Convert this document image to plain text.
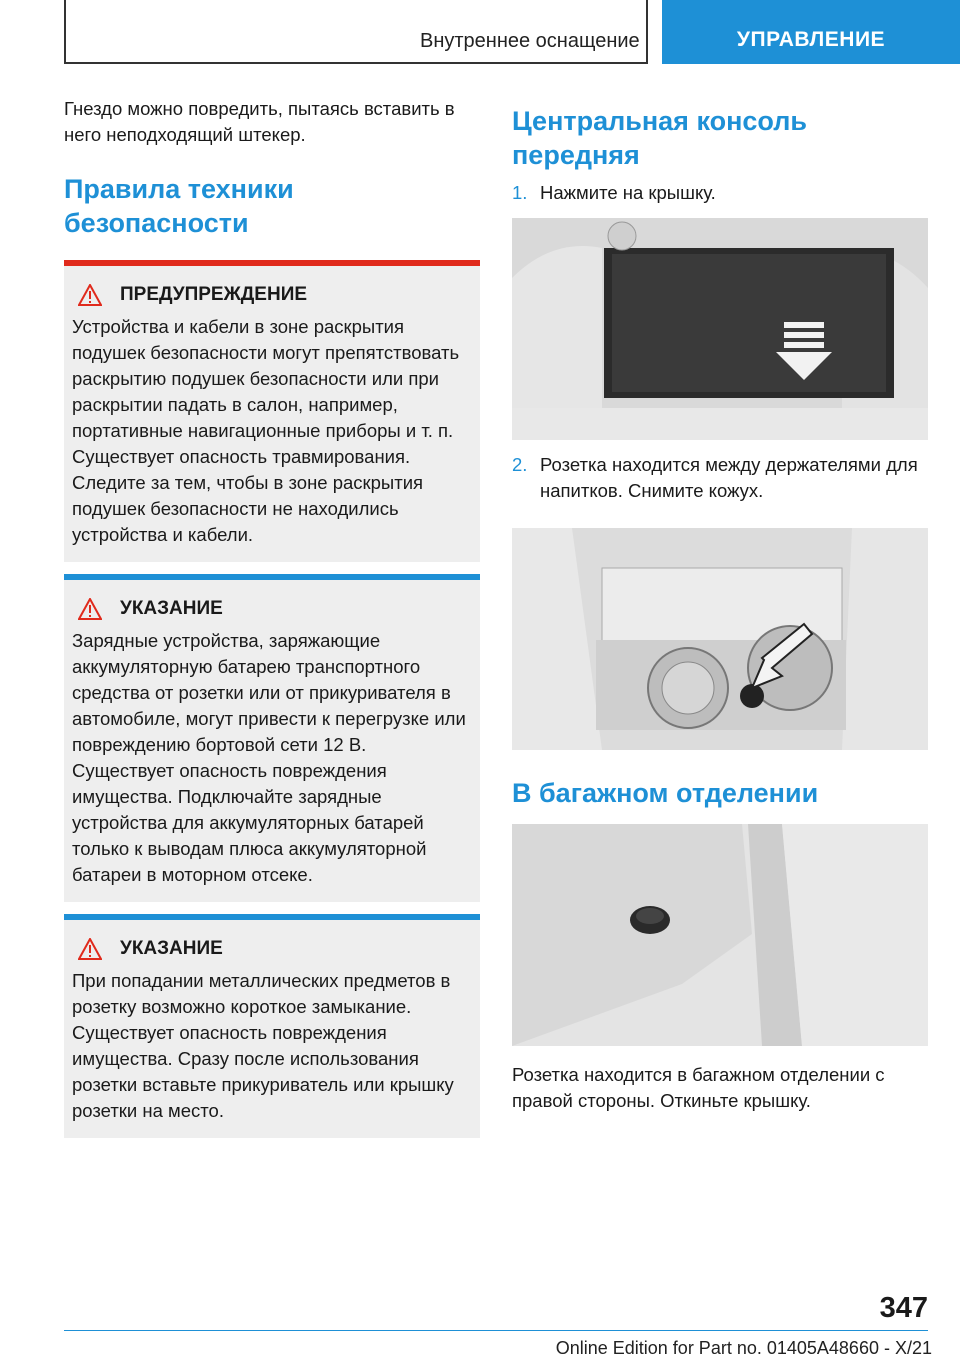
Внутреннее оснащение	УПРАВЛЕНИЕ

Гнездо можно повредить, пытаясь вставить в него неподходящий штекер.

Правила техники безопасности
ПРЕДУПРЕЖДЕНИЕ

Устройства и кабели в зоне раскрытия подушек безопасности могут препятствовать раскрытию подушек безопасности или при раскрытии падать в салон, например, портативные навигационные приборы и т. п. Существует опасность травмирования. Следите за тем, чтобы в зоне раскрытия подушек безопасности не находились устройства и кабели.

УКАЗАНИЕ

Зарядные устройства, заряжающие аккумуляторную батарею транспортного средства от розетки или от прикуривателя в автомобиле, могут привести к перегрузке или повреждению бортовой сети 12 В. Существует опасность повреждения имущества. Подключайте зарядные устройства для аккумуляторных батарей только к выводам плюса аккумуляторной батареи в моторном отсеке.

УКАЗАНИЕ

При попадании металлических предметов в розетку возможно короткое замыкание. Существует опасность повреждения имущества. Сразу после использования розетки вставьте прикуриватель или крышку розетки на место.

Центральная консоль передняя
1. Нажмите на крышку.
2. Розетка находится между держателями для напитков. Снимите кожух.
В багажном отделении

Розетка находится в багажном отделении с правой стороны. Откиньте крышку.

347
Online Edition for Part no. 01405A48660 - X/21
